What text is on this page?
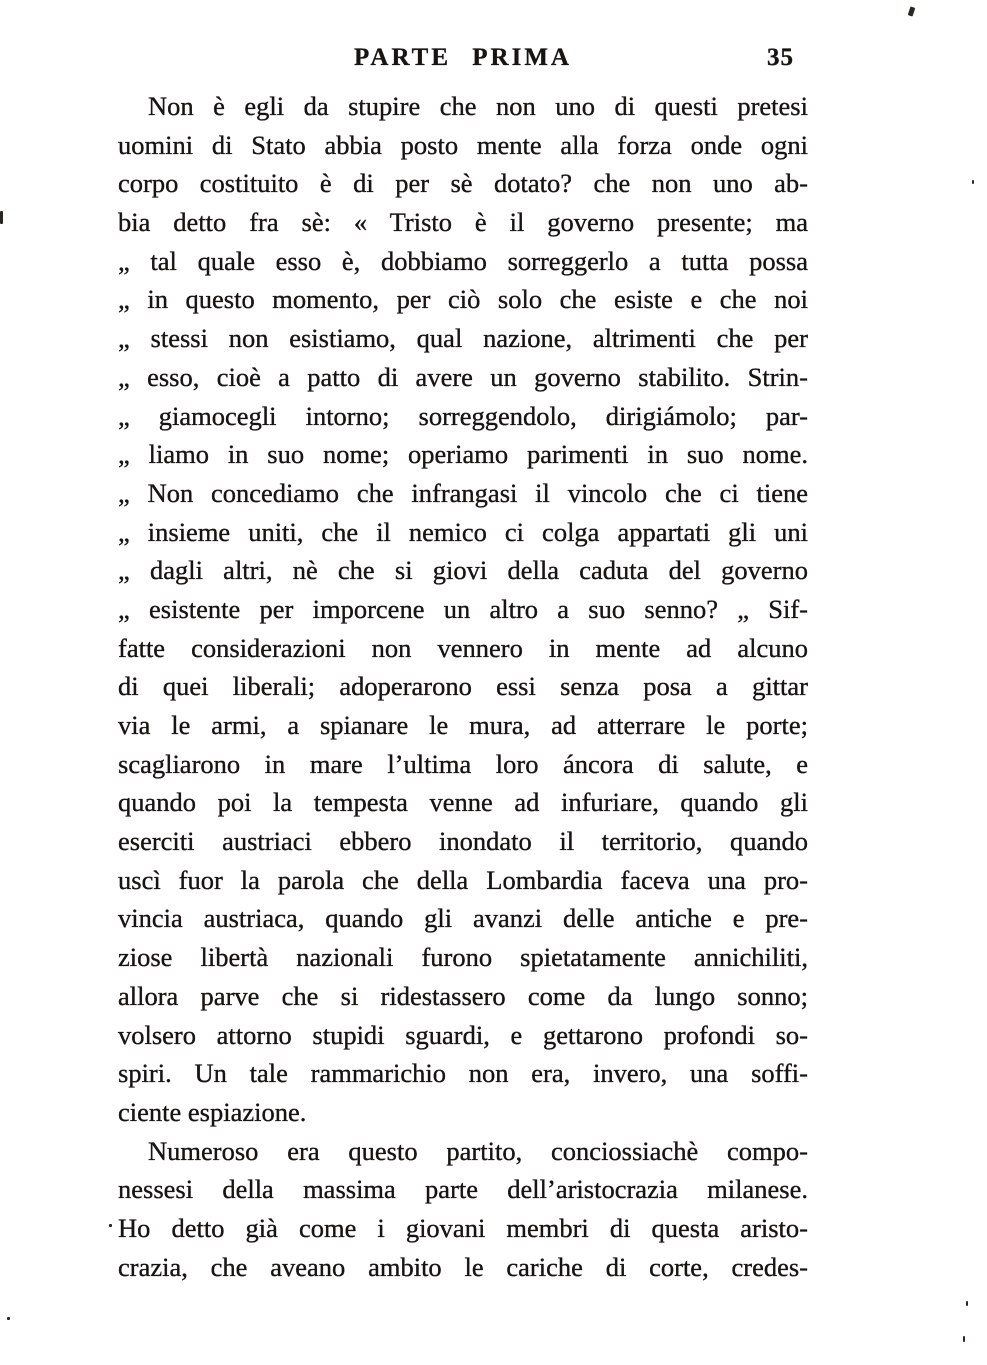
PARTE PRIMA	35
Non è egli da stupire che non uno di questi pretesi
uomini di Stato abbia posto mente alla forza onde ogni
corpo costituito è di per sè dotato? che non uno ab-
bia detto fra sè: « Tristo è il governo presente; ma
„ tal quale esso è, dobbiamo sorreggerlo a tutta possa
„ in questo momento, per ciò solo che esiste e che noi
„ stessi non esistiamo, qual nazione, altrimenti che per
„ esso, cioè a patto di avere un governo stabilito. Strin-
„ giamocegli intorno; sorreggendolo, dirigiámolo; par-
„ liamo in suo nome; operiamo parimenti in suo nome.
„ Non concediamo che infrangasi il vincolo che ci tiene
„ insieme uniti, che il nemico ci colga appartati gli uni
„ dagli altri, nè che si giovi della caduta del governo
„ esistente per imporcene un altro a suo senno? „ Sif-
fatte considerazioni non vennero in mente ad alcuno
di quei liberali; adoperarono essi senza posa a gittar
via le armi, a spianare le mura, ad atterrare le porte;
scagliarono in mare l’ultima loro áncora di salute, e
quando poi la tempesta venne ad infuriare, quando gli
eserciti austriaci ebbero inondato il territorio, quando
uscì fuor la parola che della Lombardia faceva una pro-
vincia austriaca, quando gli avanzi delle antiche e pre-
ziose libertà nazionali furono spietatamente annichiliti,
allora parve che si ridestassero come da lungo sonno;
volsero attorno stupidi sguardi, e gettarono profondi so-
spiri. Un tale rammarichio non era, invero, una soffi-
ciente espiazione.
Numeroso era questo partito, conciossiachè compo-
nessesi della massima parte dell’aristocrazia milanese.
Ho detto già come i giovani membri di questa aristo-
crazia, che aveano ambito le cariche di corte, credes-
